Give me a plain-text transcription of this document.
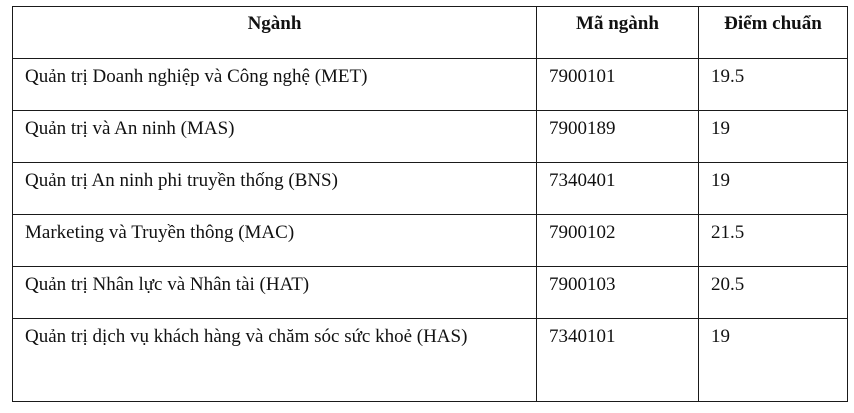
Ngành	Mã ngành	Điểm chuẩn
Quản trị Doanh nghiệp và Công nghệ (MET)	7900101	19.5
Quản trị và An ninh (MAS)	7900189	19
Quản trị An ninh phi truyền thống (BNS)	7340401	19
Marketing và Truyền thông (MAC)	7900102	21.5
Quản trị Nhân lực và Nhân tài (HAT)	7900103	20.5
Quản trị dịch vụ khách hàng và chăm sóc sức khoẻ (HAS)	7340101	19
